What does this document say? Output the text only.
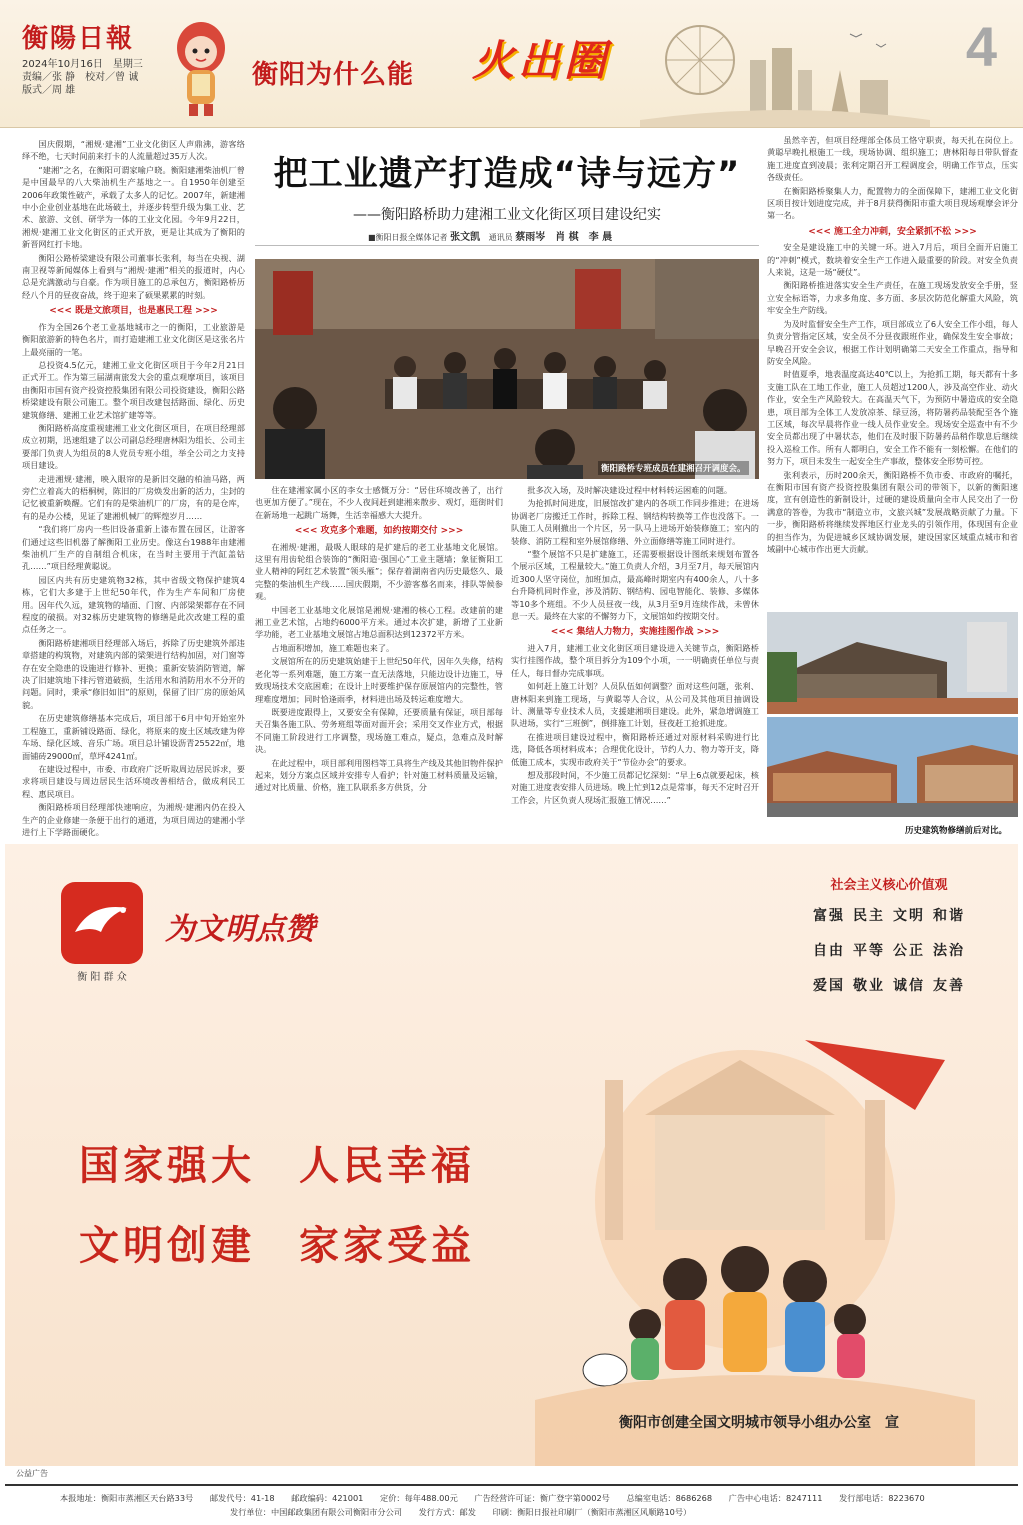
衡陽日報
2024年10月16日　星期三
责编／张 静　校对／曾 诚
版式／周 雄
衡阳为什么能 火出圈	4

国庆假期，“湘规·建湘”工业文化街区人声鼎沸，游客络绎不绝，七天时间前来打卡的人流量超过35万人次。

“建湘”之名，在衡阳可谓家喻户晓。衡阳建湘柴油机厂曾是中国最早的八大柴油机生产基地之一。自1950年创建至2006年政策性破产，承载了太多人的记忆。2007年，新建湘中小企业创业基地在此场破土，并逐步转型升级为集工业、艺术、旅游、文创、研学为一体的工业文化园。今年9月22日，湘规·建湘工业文化街区的正式开放，更是让其成为了衡阳的新晋网红打卡地。

衡阳公路桥梁建设有限公司董事长张利，每当在央视、湖南卫视等新闻媒体上看到与“湘规·建湘”相关的报道时，内心总是充满激动与自豪。作为项目施工的总承包方，衡阳路桥历经八个月的昼夜奋战，终于迎来了硕果累累的时刻。

<<< 既是文旅项目，也是惠民工程 >>>

作为全国26个老工业基地城市之一的衡阳，工业旅游是衡阳旅游新的特色名片，而打造建湘工业文化街区是这张名片上最亮丽的一笔。

总投资4.5亿元，建湘工业文化街区项目于今年2月21日正式开工。作为第三届湖南旅发大会的重点观摩项目，该项目由衡阳市国有资产投资控股集团有限公司投资建设，衡阳公路桥梁建设有限公司施工。整个项目改建包括路面、绿化、历史建筑修缮、建湘工业艺术馆扩建等等。

衡阳路桥高度重视建湘工业文化街区项目，在项目经理部成立初期，迅速组建了以公司副总经理唐林阳为组长、公司主要部门负责人为组员的8人党员专班小组，举全公司之力支持项目建设。

走进湘规·建湘，映入眼帘的是新旧交融的柏油马路，两旁伫立着高大的梧桐树，陈旧的厂房焕发出新的活力，尘封的记忆被重新唤醒。它们有的是柴油机厂的厂房，有的是仓库，有的是办公楼，见证了建湘机械厂的辉煌岁月……

“我们将厂房内一些旧设备重新上漆布置在园区，让游客们通过这些旧机器了解衡阳工业历史。像这台1988年由建湘柴油机厂生产的自制组合机床，在当时主要用于汽缸盖钻孔……”项目经理黄聪说。

园区内共有历史建筑物32栋，其中省级文物保护建筑4栋，它们大多建于上世纪50年代，作为生产车间和厂房使用。因年代久远，建筑物的墙面、门窗、内部梁架都存在不同程度的破损。对32栋历史建筑物的修缮是此次改建工程的重点任务之一。

衡阳路桥建湘项目经理部入场后，拆除了历史建筑外部违章搭建的构筑物，对建筑内部的梁架进行结构加固，对门窗等存在安全隐患的设施进行修补、更换；重新安装消防管道，解决了旧建筑地下排污管道破损，生活用水和消防用水不分开的问题。同时，秉承“修旧如旧”的原则，保留了旧厂房的原始风貌。

在历史建筑修缮基本完成后，项目部于6月中旬开始室外工程施工，重新铺设路面、绿化，将原来的废土区域改建为停车场、绿化区域、音乐广场。项目总计铺设沥青25522㎡，地面铺砖29000㎡，草坪4241㎡。

在建设过程中，市委、市政府广泛听取周边居民诉求，要求将项目建设与周边居民生活环境改善相结合，做成利民工程、惠民项目。

衡阳路桥项目经理部快速响应，为湘规·建湘内仍在投入生产的企业修建一条便于出行的通道，为项目周边的建湘小学进行上下学路面硬化。

把工业遗产打造成“诗与远方”
——衡阳路桥助力建湘工业文化街区项目建设纪实
■衡阳日报全媒体记者 张文凯 通讯员 蔡雨岑　肖 棋　李 晨
衡阳路桥专班成员在建湘召开调度会。

住在建湘家属小区的李女士感慨万分：“居住环境改善了，出行也更加方便了。”现在，不少人夜间赶到建湘来散步、观灯，逛街时们在新场地一起跳广场舞，生活幸福感大大提升。

<<< 攻克多个难题，如约按期交付 >>>

在湘规·建湘，最吸人眼球的是扩建后的老工业基地文化展馆。这里有用齿轮组合装饰的“衡阳造·强国心”工业主题墙；象征衡阳工业人精神的阿红艺术装置“领头雁”；保存着湖南省内历史最悠久、最完整的柴油机生产线……国庆假期，不少游客慕名而来，排队等候参观。

中国老工业基地文化展馆是湘规·建湘的核心工程。改建前的建湘工业艺术馆，占地约6000平方米。通过本次扩建，新增了工业新学功能，老工业基地文展馆占地总面积达到12372平方米。

占地面积增加，施工难题也来了。

文展馆所在的历史建筑始建于上世纪50年代，因年久失修，结构老化等一系列难题，施工方案一直无法落地，只能边设计边施工，导致现场技术交底困难；在设计上时要维护保存原展馆内的完整性，管理难度增加；同时恰逢雨季，材料进出场及转运难度增大。

既要进度跟得上，又要安全有保障，还要质量有保证，项目部每天召集各施工队、劳务班组等面对面开会；采用交叉作业方式，根据不同施工阶段进行工序调整，现场施工难点，疑点，急难点及时解决。

在此过程中，项目部利用图档等工具将生产线及其他旧物件保护起来，划分方案点区域并安排专人看护；针对施工材料质量及运输，通过对比质量、价格，施工队联系多方供货，分

批多次入场，及时解决建设过程中材料转运困难的问题。

为抢抓时间进度，旧展馆改扩建内的各项工作同步推进；在进场协调老厂房搬迁工作时，拆除工程、钢结构转换等工作也没落下。一队施工人员刚撤出一个片区，另一队马上进场开始装修施工；室内的装修、消防工程和室外展馆修缮、外立面修缮等施工同时进行。

“整个展馆不只是扩建施工，还需要根据设计图纸来规划布置各个展示区域，工程量较大。”施工负责人介绍，3月至7月，每天展馆内近300人坚守岗位，加班加点，最高峰时期室内有400余人，八十多台升降机同时作业，涉及消防、钢结构、园电智能化、装修、多媒体等10多个班组。不少人员昼夜一线，从3月至9月连续作战，未曾休息一天。最终在大家的不懈努力下，文展馆如约按期交付。

<<< 集结人力物力，实施挂图作战 >>>

进入7月，建湘工业文化街区项目建设进入关键节点，衡阳路桥实行挂图作战，整个项目拆分为109个小项，一一明确责任单位与责任人，每日督办完成事项。

如何赶上施工计划？人员队伍如何调整？面对这些问题，张利、唐林阳来到施工现场，与黄聪等人合议，从公司及其他项目抽调设计、测量等专业技术人员，支援建湘项目建设。此外，紧急增调施工队进场，实行“三班倒”，倒排施工计划，昼夜赶工抢抓进度。

在推进项目建设过程中，衡阳路桥还通过对原材料采购进行比选，降低各项材料成本；合理优化设计，节约人力、物力等开支，降低施工成本，实现市政府关于“节俭办会”的要求。

想及那段时间，不少施工员都记忆深刻：“早上6点就要起床，核对施工进度表安排人员进场。晚上忙到12点是常事，每天不定时召开工作会，片区负责人现场汇报施工情况……”

虽然辛苦，但项目经理部全体员工恪守职责，每天扎在岗位上。黄聪早晚扎根施工一线，现场协调、组织施工；唐林阳每日带队督查施工进度直到凌晨；张利定期召开工程调度会，明确工作节点，压实各级责任。

在衡阳路桥聚集人力，配置物力的全面保障下，建湘工业文化街区项目按计划进度完成，并于8月获得衡阳市重大项目现场观摩会评分第一名。

<<< 施工全力冲刺，安全紧抓不松 >>>

安全是建设施工中的关键一环。进入7月后，项目全面开启施工的“冲刺”模式，数块着安全生产工作进入最重要的阶段。对安全负责人来说，这是一场“硬仗”。

衡阳路桥推进落实安全生产责任，在施工现场发放安全手册，竖立安全标语等，力求多角度、多方面、多层次防范化解重大风险，筑牢安全生产防线。

为及时监督安全生产工作，项目部成立了6人安全工作小组，每人负责分管指定区域，安全员不分昼夜跟班作业，确保发生安全事故；早晚召开安全会议，根据工作计划明确第二天安全工作重点，指导和防安全风险。

时值夏季，地表温度高达40℃以上，为抢抓工期，每天都有十多支施工队在工地工作业，施工人员超过1200人，涉及高空作业、动火作业，安全生产风险较大。在高温天气下，为预防中暑造成的安全隐患，项目部为全体工人发放凉茶、绿豆汤，将防暑药品装配至各个施工区域，每次早晨将作业一线人员作业安全。现场安全巡查中有不少安全员都出现了中暑状态，他们在及时服下防暑药品稍作歇息后继续投入巡检工作。所有人都明白，安全工作不能有一刻松懈。在他们的努力下，项目未发生一起安全生产事故，整体安全形势可控。

张利表示，历时200余天，衡阳路桥不负市委、市政府的嘱托，在衡阳市国有资产投资控股集团有限公司的带领下，以新的衡阳速度，宣有创造性的新制设计，过硬的建设质量向全市人民交出了一份满意的答卷，为我市“制造立市，文旅兴城”发展战略贡献了力量。下一步，衡阳路桥将继续发挥地区行业龙头的引领作用，体现国有企业的担当作为，为促进城乡区域协调发展，建设国家区域重点城市和省域副中心城市作出更大贡献。

历史建筑物修缮前后对比。
衡 阳 群 众
为文明点赞
社会主义核心价值观
富强 民主 文明 和谐
自由 平等 公正 法治
爱国 敬业 诚信 友善
国家强大　人民幸福
文明创建　家家受益
衡阳市创建全国文明城市领导小组办公室　宣
公益广告
本报地址：衡阳市蒸湘区天台路33号 邮发代号：41-18 邮政编码：421001 定价：每年488.00元 广告经营许可证：衡广登字第0002号 总编室电话：8686268 广告中心电话：8247111 发行部电话：8223670
发行单位：中国邮政集团有限公司衡阳市分公司 发行方式：邮发 印刷：衡阳日报社印刷厂（衡阳市蒸湘区风顺路10号）
